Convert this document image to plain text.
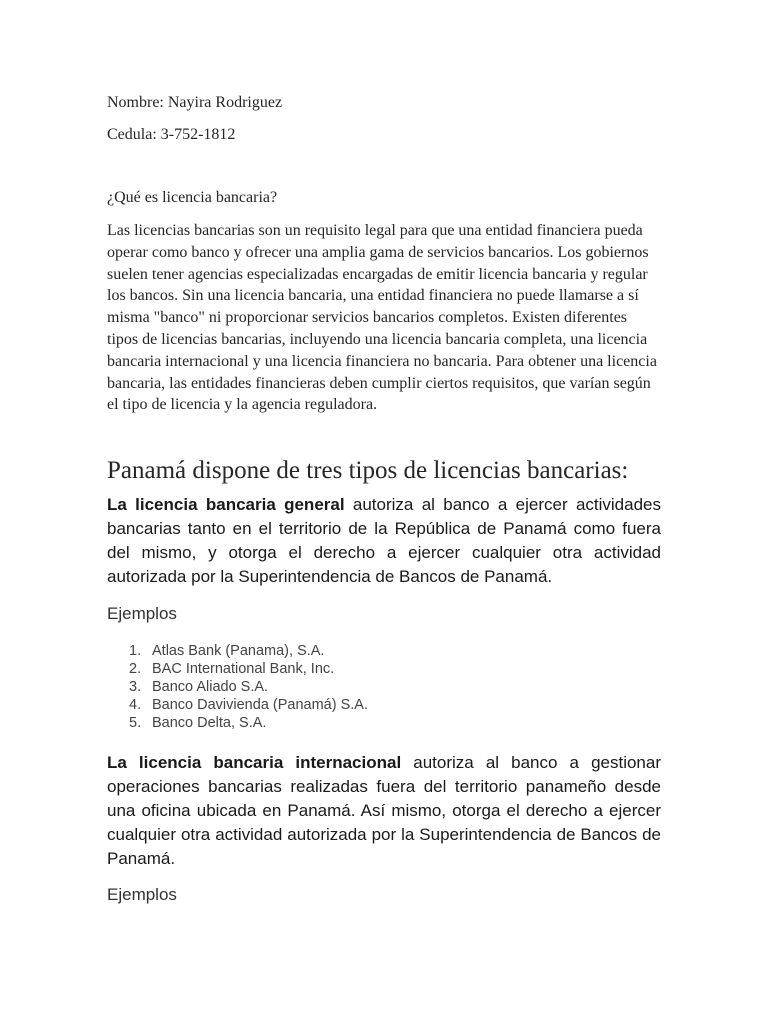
Nombre: Nayira Rodriguez
Cedula: 3-752-1812
¿Qué es licencia bancaria?

Las licencias bancarias son un requisito legal para que una entidad financiera pueda operar como banco y ofrecer una amplia gama de servicios bancarios. Los gobiernos suelen tener agencias especializadas encargadas de emitir licencia bancaria y regular los bancos. Sin una licencia bancaria, una entidad financiera no puede llamarse a sí misma "banco" ni proporcionar servicios bancarios completos. Existen diferentes tipos de licencias bancarias, incluyendo una licencia bancaria completa, una licencia bancaria internacional y una licencia financiera no bancaria. Para obtener una licencia bancaria, las entidades financieras deben cumplir ciertos requisitos, que varían según el tipo de licencia y la agencia reguladora.

Panamá dispone de tres tipos de licencias bancarias:

La licencia bancaria general autoriza al banco a ejercer actividades bancarias tanto en el territorio de la República de Panamá como fuera del mismo, y otorga el derecho a ejercer cualquier otra actividad autorizada por la Superintendencia de Bancos de Panamá.

Ejemplos
1. Atlas Bank (Panama), S.A.
2. BAC International Bank, Inc.
3. Banco Aliado S.A.
4. Banco Davivienda (Panamá) S.A.
5. Banco Delta, S.A.

La licencia bancaria internacional autoriza al banco a gestionar operaciones bancarias realizadas fuera del territorio panameño desde una oficina ubicada en Panamá. Así mismo, otorga el derecho a ejercer cualquier otra actividad autorizada por la Superintendencia de Bancos de Panamá.

Ejemplos
